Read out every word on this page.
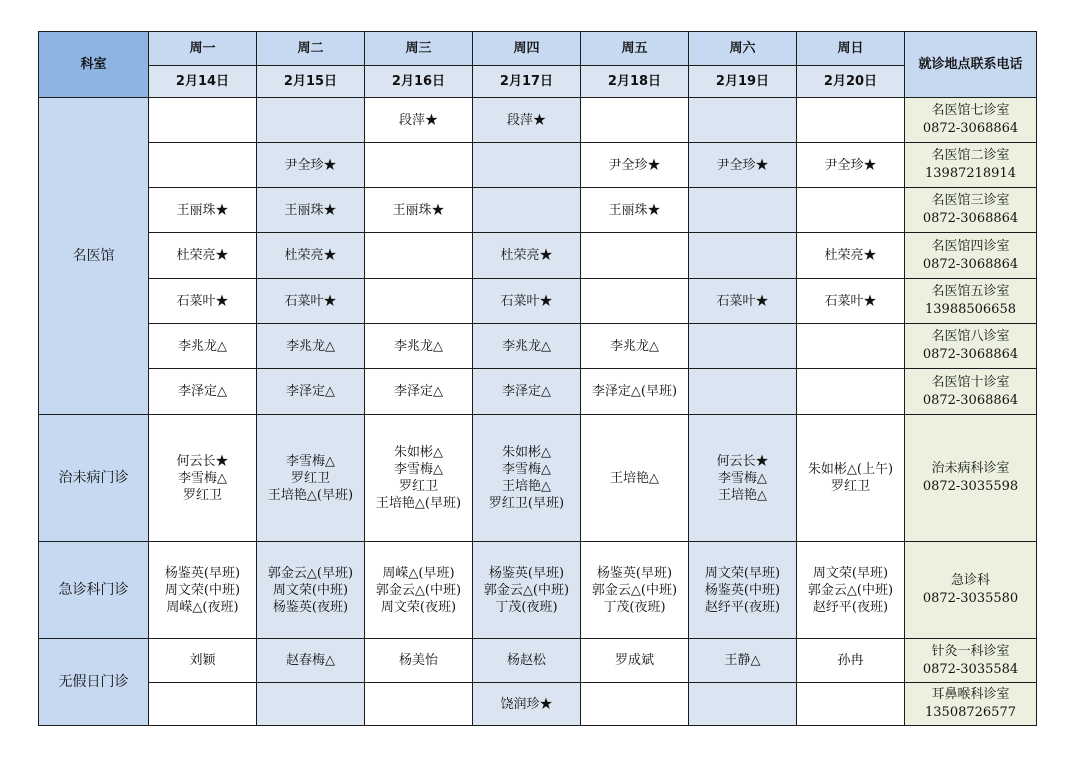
科室	周一	周二	周三	周四	周五	周六	周日	就诊地点联系电话
	2月14日	2月15日	2月16日	2月17日	2月18日	2月19日	2月20日	
名医馆			段萍★	段萍★				名医馆七诊室
0872-3068864

		尹全珍★			尹全珍★	尹全珍★	尹全珍★	名医馆二诊室
13987218914

	王丽珠★	王丽珠★	王丽珠★		王丽珠★			名医馆三诊室
0872-3068864

	杜荣亮★	杜荣亮★		杜荣亮★			杜荣亮★	名医馆四诊室
0872-3068864

	石菜叶★	石菜叶★		石菜叶★		石菜叶★	石菜叶★	名医馆五诊室
13988506658

	李兆龙△	李兆龙△	李兆龙△	李兆龙△	李兆龙△			名医馆八诊室
0872-3068864

	李泽定△	李泽定△	李泽定△	李泽定△	李泽定△(早班)			名医馆十诊室
0872-3068864

治未病门诊	何云长★
李雪梅△
罗红卫	李雪梅△
罗红卫
王培艳△(早班)	朱如彬△
李雪梅△
罗红卫
王培艳△(早班)	朱如彬△
李雪梅△
王培艳△
罗红卫(早班)	王培艳△	何云长★
李雪梅△
王培艳△	朱如彬△(上午)
罗红卫	治未病科诊室
0872-3035598

急诊科门诊	杨鉴英(早班)
周文荣(中班)
周嵘△(夜班)	郭金云△(早班)
周文荣(中班)
杨鉴英(夜班)	周嵘△(早班)
郭金云△(中班)
周文荣(夜班)	杨鉴英(早班)
郭金云△(中班)
丁茂(夜班)	杨鉴英(早班)
郭金云△(中班)
丁茂(夜班)	周文荣(早班)
杨鉴英(中班)
赵纾平(夜班)	周文荣(早班)
郭金云△(中班)
赵纾平(夜班)	急诊科
0872-3035580

无假日门诊	刘颖	赵春梅△	杨美怡	杨赵松	罗成斌	王静△	孙冉	针灸一科诊室
0872-3035584

				饶润珍★				耳鼻喉科诊室
13508726577
